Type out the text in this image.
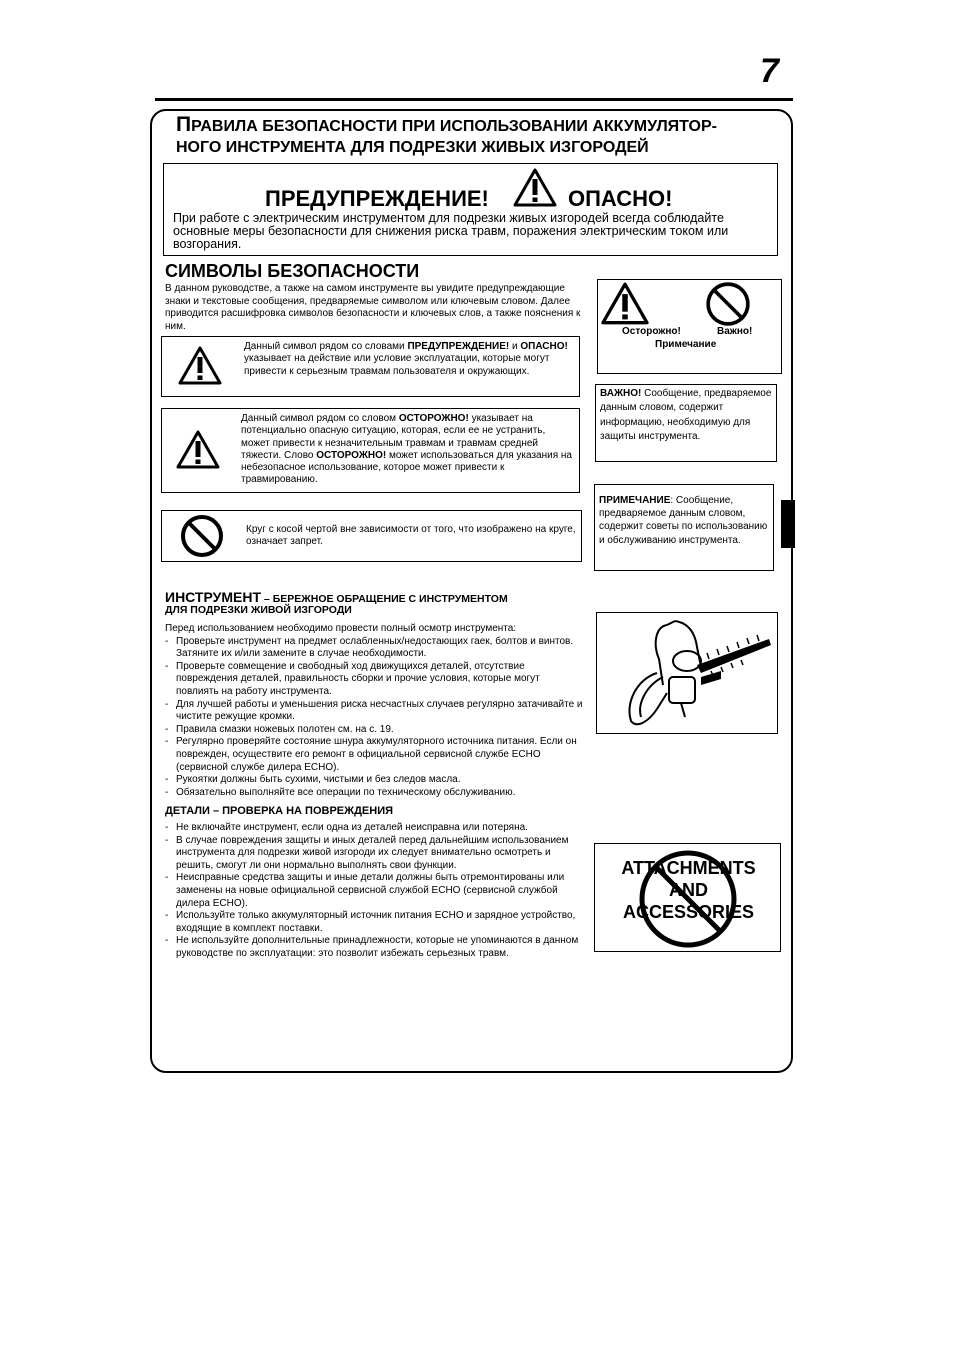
7
ПРАВИЛА БЕЗОПАСНОСТИ ПРИ ИСПОЛЬЗОВАНИИ АККУМУЛЯТОР-
НОГО ИНСТРУМЕНТА ДЛЯ ПОДРЕЗКИ ЖИВЫХ ИЗГОРОДЕЙ
ПРЕДУПРЕЖДЕНИЕ!	ОПАСНО!
При работе с электрическим инструментом для подрезки живых изгородей всегда соблюдайте основные меры безопасности для снижения риска травм, поражения электрическим током или возгорания.
СИМВОЛЫ БЕЗОПАСНОСТИ
В данном руководстве, а также на самом инструменте вы увидите предупреждающие знаки и текстовые сообщения, предваряемые символом или ключевым словом. Далее приводится расшифровка символов безопасности и ключевых слов, а также пояснения к ним.
Данный символ рядом со словами ПРЕДУПРЕЖДЕНИЕ! и ОПАСНО! указывает на действие или условие эксплуатации, которые могут привести к серьезным травмам пользователя и окружающих.
Данный символ рядом со словом ОСТОРОЖНО! указывает на потенциально опасную ситуацию, которая, если ее не устранить, может привести к незначительным травмам и травмам средней тяжести. Слово ОСТОРОЖНО! может использоваться для указания на небезопасное использование, которое может привести к травмированию.
Круг с косой чертой вне зависимости от того, что изображено на круге, означает запрет.
Осторожно!	Важно!
Примечание
ВАЖНО! Сообщение, предваряемое данным словом, содержит информацию, необходимую для защиты инструмента.
ПРИМЕЧАНИЕ: Сообщение, предваряемое данным словом, содержит советы по использованию и обслуживанию инструмента.
ИНСТРУМЕНТ – БЕРЕЖНОЕ ОБРАЩЕНИЕ С ИНСТРУМЕНТОМ
ДЛЯ ПОДРЕЗКИ ЖИВОЙ ИЗГОРОДИ
Перед использованием необходимо провести полный осмотр инструмента:
- Проверьте инструмент на предмет ослабленных/недостающих гаек, болтов и винтов. Затяните их и/или замените в случае необходимости.
- Проверьте совмещение и свободный ход движущихся деталей, отсутствие повреждения деталей, правильность сборки и прочие условия, которые могут повлиять на работу инструмента.
- Для лучшей работы и уменьшения риска несчастных случаев регулярно затачивайте и чистите режущие кромки.
- Правила смазки ножевых полотен см. на с. 19.
- Регулярно проверяйте состояние шнура аккумуляторного источника питания. Если он поврежден, осуществите его ремонт в официальной сервисной службе ECHO (сервисной службе дилера ECHO).
- Рукоятки должны быть сухими, чистыми и без следов масла.
- Обязательно выполняйте все операции по техническому обслуживанию.
ДЕТАЛИ – ПРОВЕРКА НА ПОВРЕЖДЕНИЯ
- Не включайте инструмент, если одна из деталей неисправна или потеряна.
- В случае повреждения защиты и иных деталей перед дальнейшим использованием инструмента для подрезки живой изгороди их следует внимательно осмотреть и решить, смогут ли они нормально выполнять свои функции.
- Неисправные средства защиты и иные детали должны быть отремонтированы или заменены на новые официальной сервисной службой ECHO (сервисной службой дилера ECHO).
- Используйте только аккумуляторный источник питания ECHO и зарядное устройство, входящие в комплект поставки.
- Не используйте дополнительные принадлежности, которые не упоминаются в данном руководстве по эксплуатации: это позволит избежать серьезных травм.
ATTACHMENTS
AND
ACCESSORIES
